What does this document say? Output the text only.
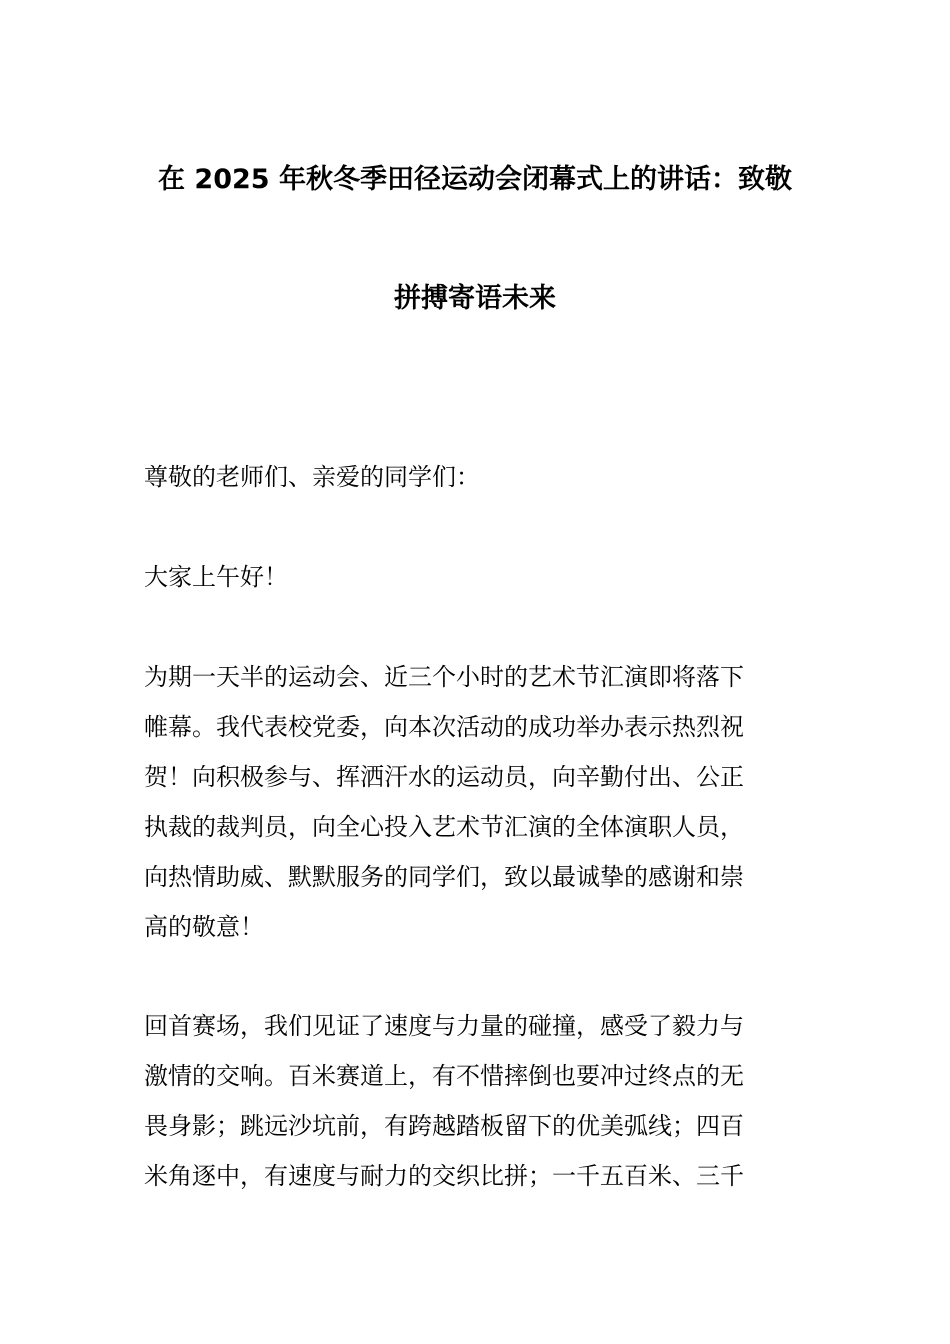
在 2025 年秋冬季田径运动会闭幕式上的讲话：致敬
拼搏寄语未来

尊敬的老师们、亲爱的同学们：

大家上午好！

为期一天半的运动会、近三个小时的艺术节汇演即将落下
帷幕。我代表校党委，向本次活动的成功举办表示热烈祝
贺！向积极参与、挥洒汗水的运动员，向辛勤付出、公正
执裁的裁判员，向全心投入艺术节汇演的全体演职人员，
向热情助威、默默服务的同学们，致以最诚挚的感谢和崇
高的敬意！

回首赛场，我们见证了速度与力量的碰撞，感受了毅力与
激情的交响。百米赛道上，有不惜摔倒也要冲过终点的无
畏身影；跳远沙坑前，有跨越踏板留下的优美弧线；四百
米角逐中，有速度与耐力的交织比拼；一千五百米、三千
